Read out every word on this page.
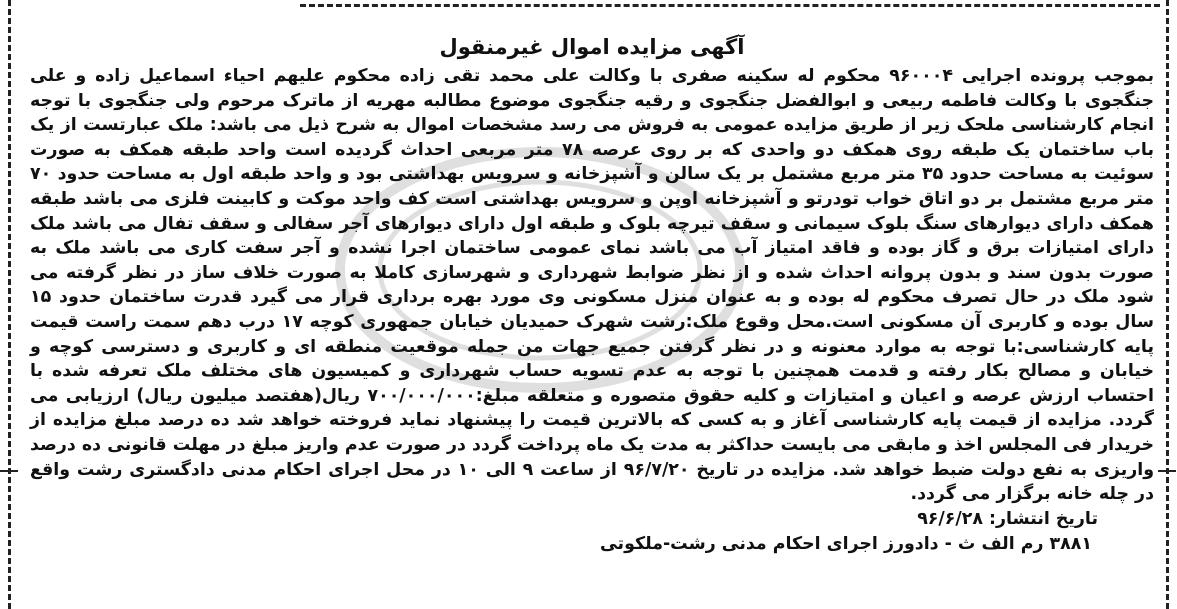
آگهی مزایده اموال غیرمنقول

بموجب پرونده اجرایی ۹۶۰۰۰۴ محکوم له سکینه صفری با وکالت علی محمد تقی زاده محکوم علیهم احیاء اسماعیل زاده و علی جنگجوی با وکالت فاطمه ربیعی و ابوالفضل جنگجوی و رقیه جنگجوی موضوع مطالبه مهریه از ماترک مرحوم ولی جنگجوی با توجه انجام کارشناسی ملحک زیر از طریق مزایده عمومی به فروش می رسد مشخصات اموال به شرح ذیل می باشد: ملک عبارتست از یک باب ساختمان یک طبقه روی همکف دو واحدی که بر روی عرصه ۷۸ متر مربعی احداث گردیده است واحد طبقه همکف به صورت سوئیت به مساحت حدود ۳۵ متر مربع مشتمل بر یک سالن و آشپزخانه و سرویس بهداشتی بود و واحد طبقه اول به مساحت حدود ۷۰ متر مربع مشتمل بر دو اتاق خواب تودرتو و آشپزخانه اوپن و سرویس بهداشتی است کف واحد موکت و کابینت فلزی می باشد طبقه همکف دارای دیوارهای سنگ بلوک سیمانی و سقف تیرچه بلوک و طبقه اول دارای دیوارهای آجر سفالی و سقف تفال می باشد ملک دارای امتیازات برق و گاز بوده و فاقد امتیاز آب می باشد نمای عمومی ساختمان اجرا نشده و آجر سفت کاری می باشد ملک به صورت بدون سند و بدون پروانه احداث شده و از نظر ضوابط شهرداری و شهرسازی کاملا به صورت خلاف ساز در نظر گرفته می شود ملک در حال تصرف محکوم له بوده و به عنوان منزل مسکونی وی مورد بهره برداری قرار می گیرد قدرت ساختمان حدود ۱۵ سال بوده و کاربری آن مسکونی است.محل وقوع ملک:رشت شهرک حمیدیان خیابان جمهوری کوچه ۱۷ درب دهم سمت راست قیمت پایه کارشناسی:با توجه به موارد معنونه و در نظر گرفتن جمیع جهات من جمله موقعیت منطقه ای و کاربری و دسترسی کوچه و خیابان و مصالح بکار رفته و قدمت همچنین با توجه به عدم تسویه حساب شهرداری و کمیسیون های مختلف ملک تعرفه شده با احتساب ارزش عرصه و اعیان و امتیازات و کلیه حقوق متصوره و متعلقه مبلغ:۷۰۰/۰۰۰/۰۰۰ ریال(هفتصد میلیون ریال) ارزیابی می گردد. مزایده از قیمت پایه کارشناسی آغاز و به کسی که بالاترین قیمت را پیشنهاد نماید فروخته خواهد شد ده درصد مبلغ مزایده از خریدار فی المجلس اخذ و مابقی می بایست حداکثر به مدت یک ماه پرداخت گردد در صورت عدم واریز مبلغ در مهلت قانونی ده درصد واریزی به نفع دولت ضبط خواهد شد. مزایده در تاریخ ۹۶/۷/۲۰ از ساعت ۹ الی ۱۰ در محل اجرای احکام مدنی دادگستری رشت واقع در چله خانه برگزار می گردد.

تاریخ انتشار: ۹۶/۶/۲۸

۳۸۸۱ رم الف ث - دادورز اجرای احکام مدنی رشت-ملکوتی
